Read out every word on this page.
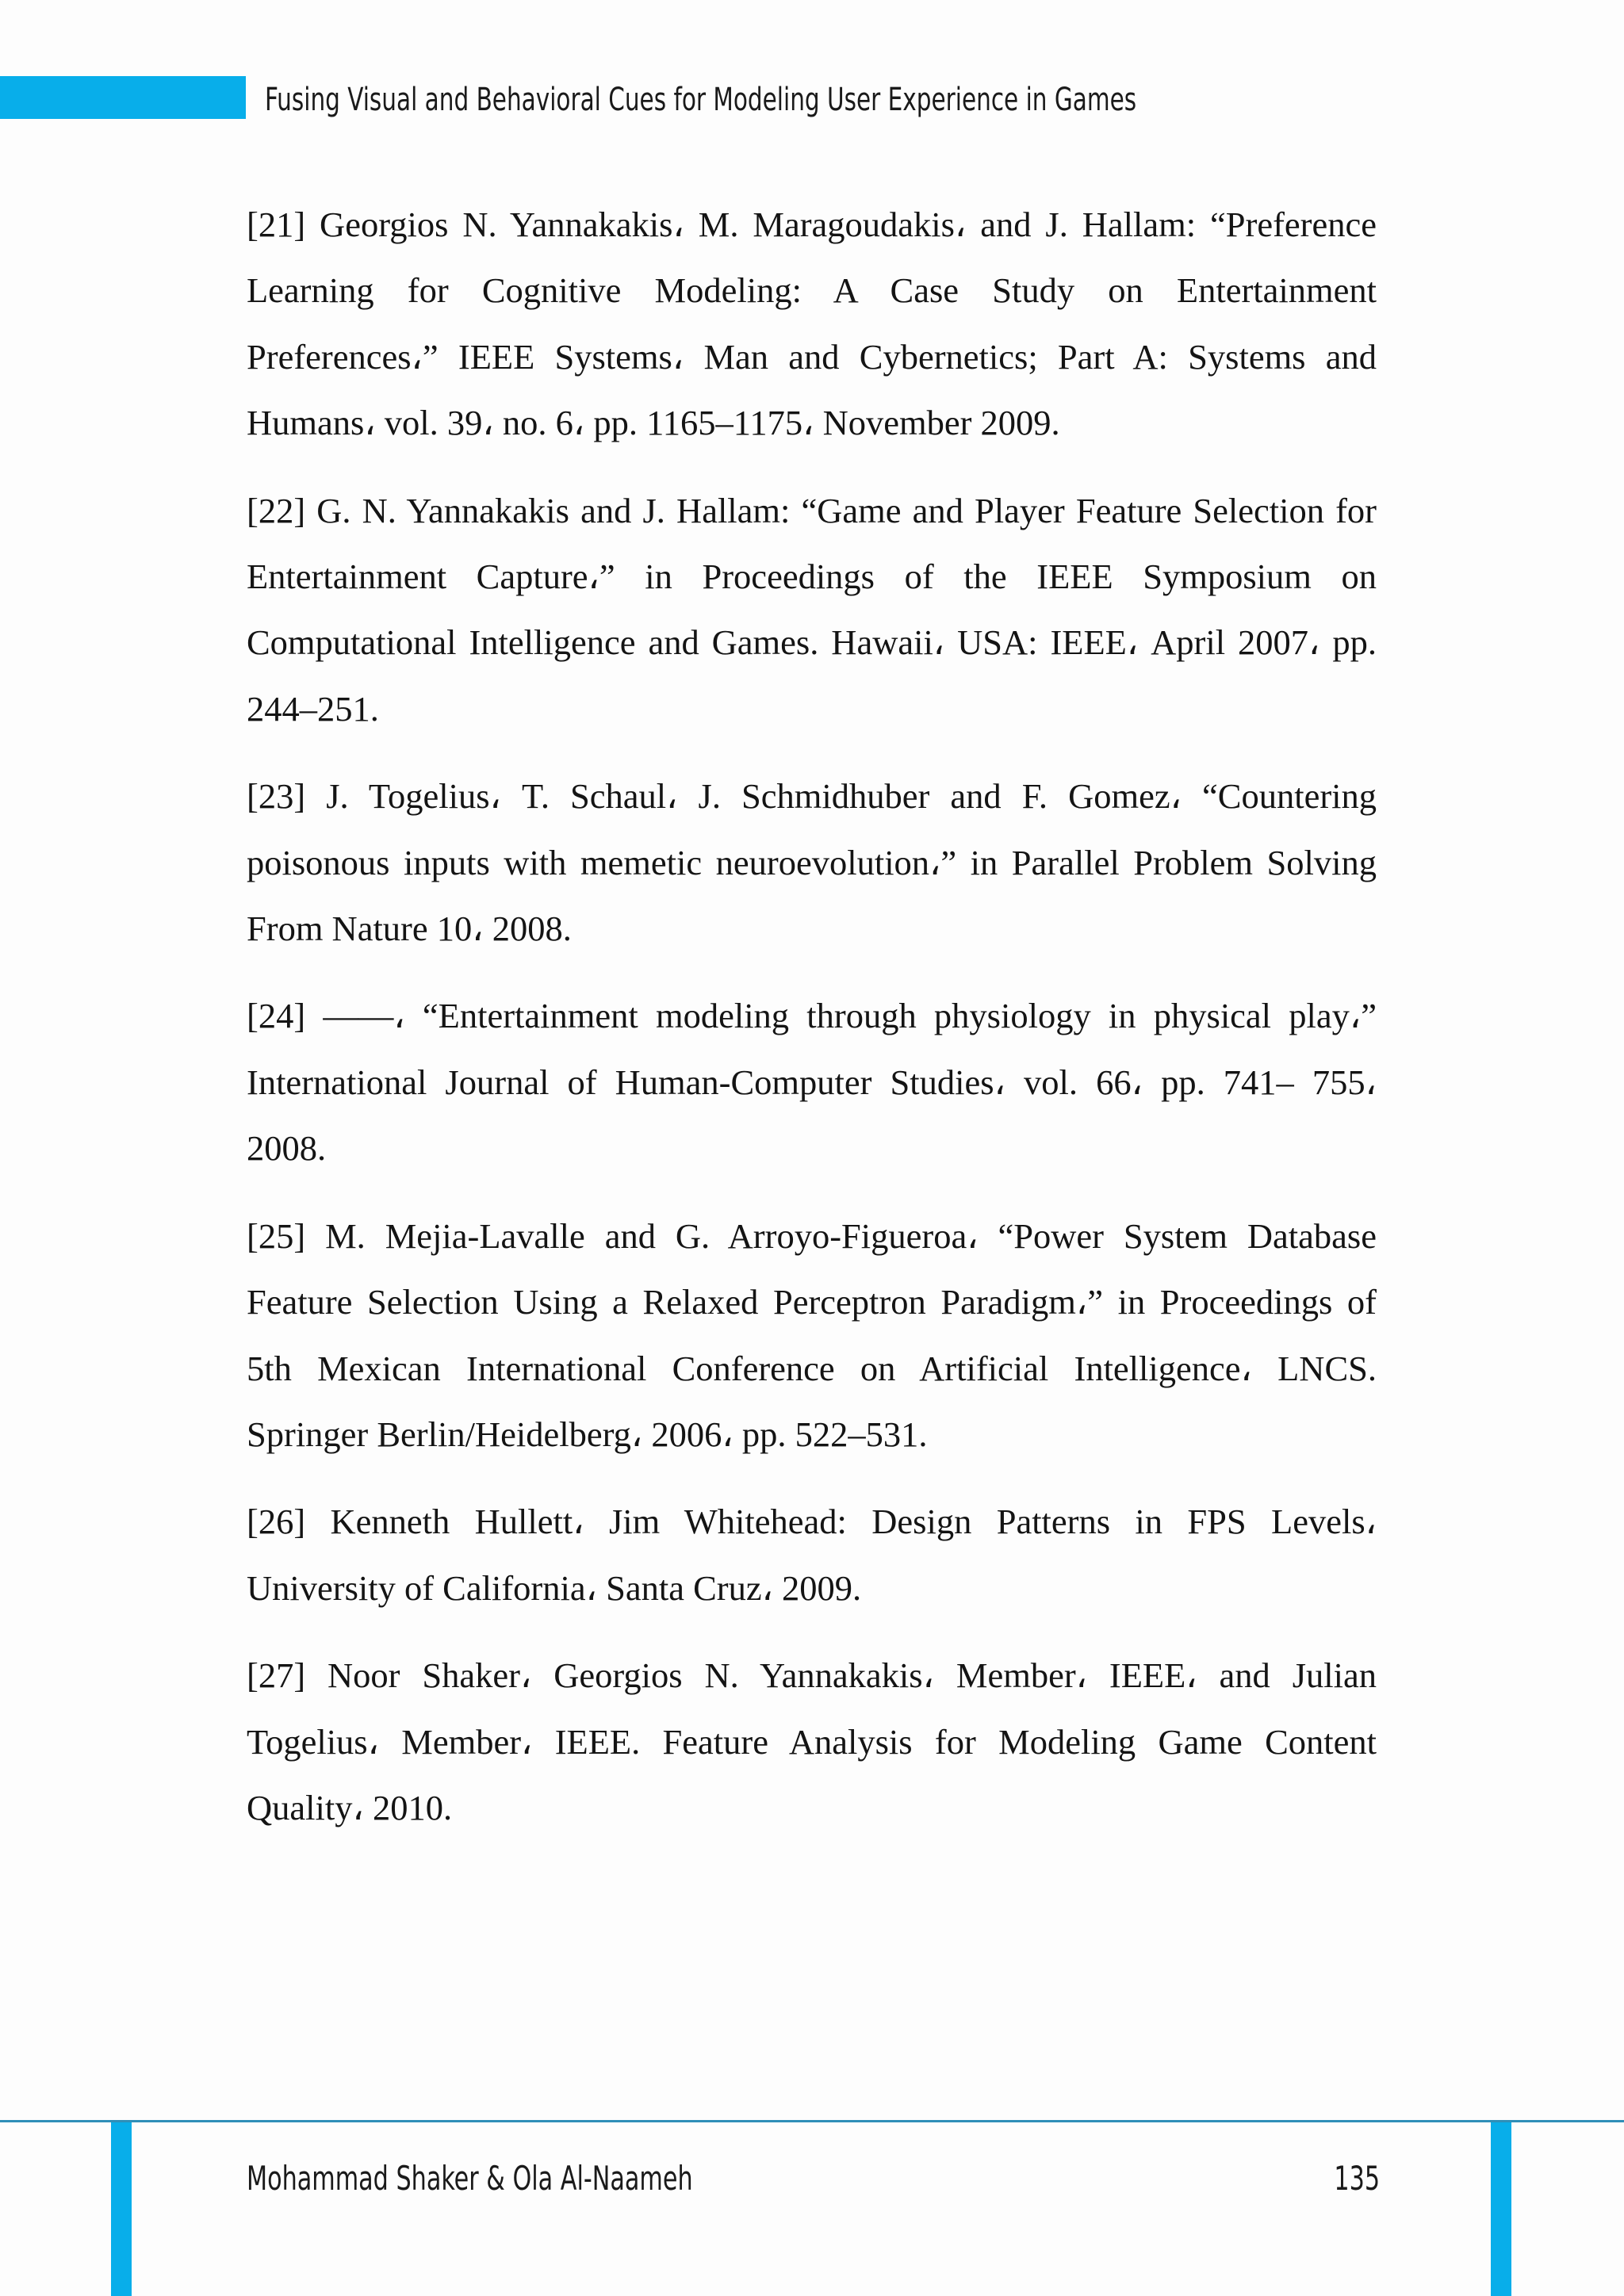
Fusing Visual and Behavioral Cues for Modeling User Experience in Games

[21] Georgios N. Yannakakis، M. Maragoudakis، and J. Hallam: “Preference Learning for Cognitive Modeling: A Case Study on Entertainment Preferences،” IEEE Systems، Man and Cybernetics; Part A: Systems and Humans، vol. 39، no. 6، pp. 1165–1175، November 2009.

[22] G. N. Yannakakis and J. Hallam: “Game and Player Feature Selection for Entertainment Capture،” in Proceedings of the IEEE Symposium on Computational Intelligence and Games. Hawaii، USA: IEEE، April 2007، pp. 244–251.

[23] J. Togelius، T. Schaul، J. Schmidhuber and F. Gomez، “Countering poisonous inputs with memetic neuroevolution،” in Parallel Problem Solving From Nature 10، 2008.

[24] ——، “Entertainment modeling through physiology in physical play،” International Journal of Human-Computer Studies، vol. 66، pp. 741– 755، 2008.

[25] M. Mejia-Lavalle and G. Arroyo-Figueroa، “Power System Database Feature Selection Using a Relaxed Perceptron Paradigm،” in Proceedings of 5th Mexican International Conference on Artificial Intelligence، LNCS. Springer Berlin/Heidelberg، 2006، pp. 522–531.

[26] Kenneth Hullett، Jim Whitehead: Design Patterns in FPS Levels، University of California، Santa Cruz، 2009.

[27] Noor Shaker، Georgios N. Yannakakis، Member، IEEE، and Julian Togelius، Member، IEEE. Feature Analysis for Modeling Game Content Quality، 2010.

Mohammad Shaker & Ola Al-Naameh	135
